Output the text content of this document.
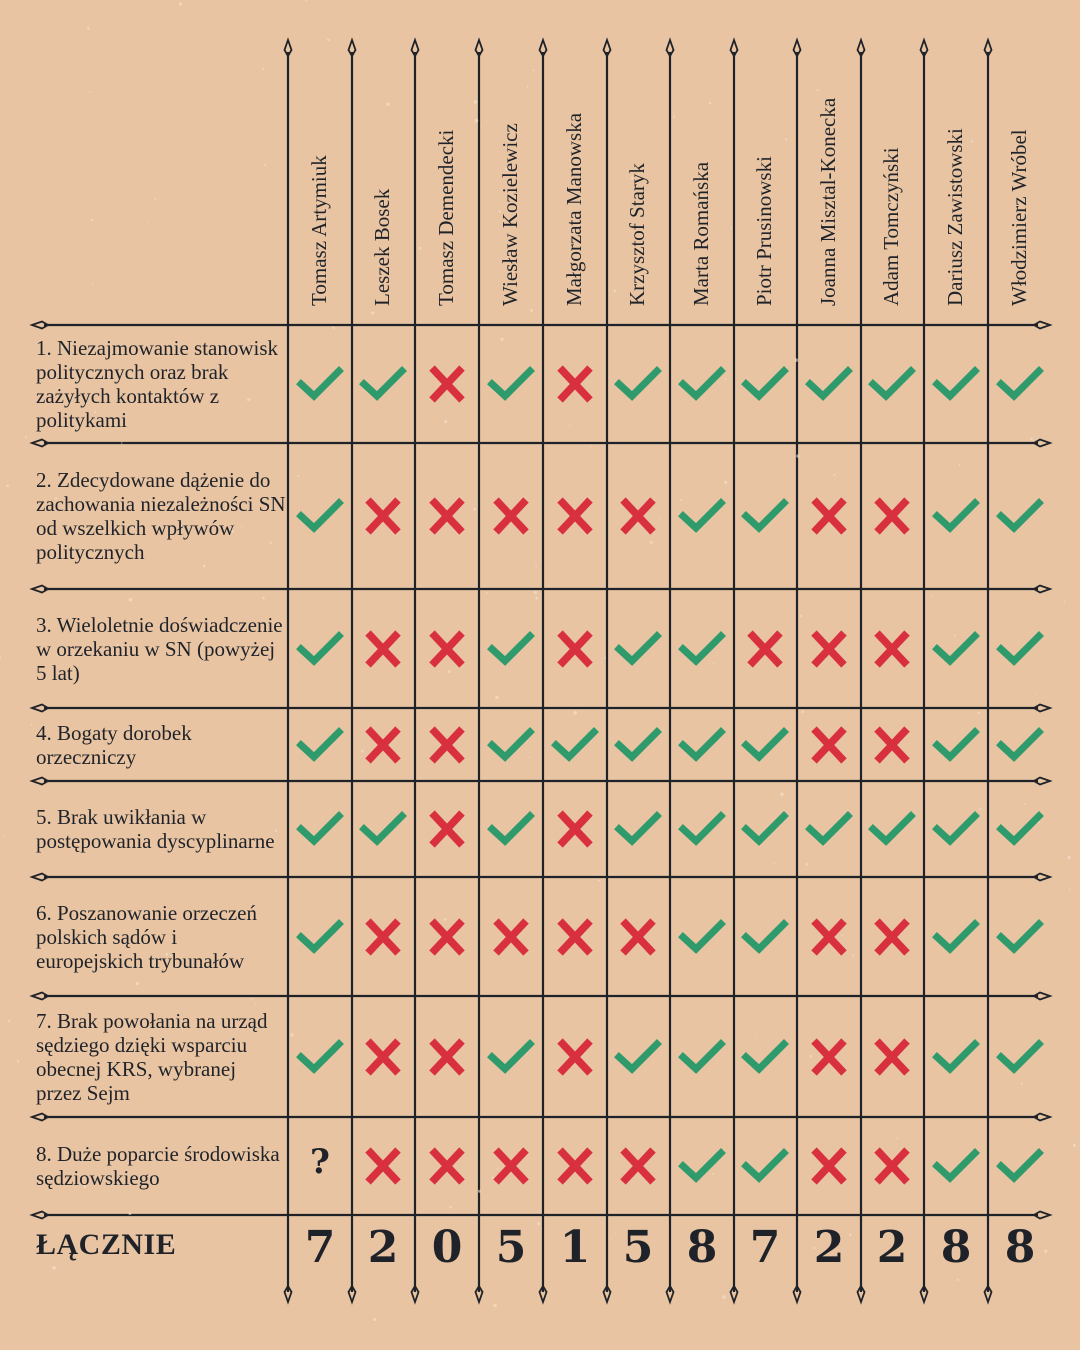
Tomasz Artymiuk Leszek Bosek Tomasz Demendecki Wiesław Kozielewicz Małgorzata Manowska Krzysztof Staryk Marta Romańska Piotr Prusinowski Joanna Misztal-Konecka Adam Tomczyński Dariusz Zawistowski Włodzimierz Wróbel
1. Niezajmowanie stanowisk politycznych oraz brak zażyłych kontaktów z politykami
2. Zdecydowane dążenie do zachowania niezależności SN od wszelkich wpływów politycznych
3. Wieloletnie doświadczenie w orzekaniu w SN (powyżej 5 lat)
4. Bogaty dorobek orzeczniczy
5. Brak uwikłania w postępowania dyscyplinarne
6. Poszanowanie orzeczeń polskich sądów i europejskich trybunałów
7. Brak powołania na urząd sędziego dzięki wsparciu obecnej KRS, wybranej przez Sejm
8. Duże poparcie środowiska sędziowskiego	?
ŁĄCZNIE	7 2 0 5 1 5 8 7 2 2 8 8
